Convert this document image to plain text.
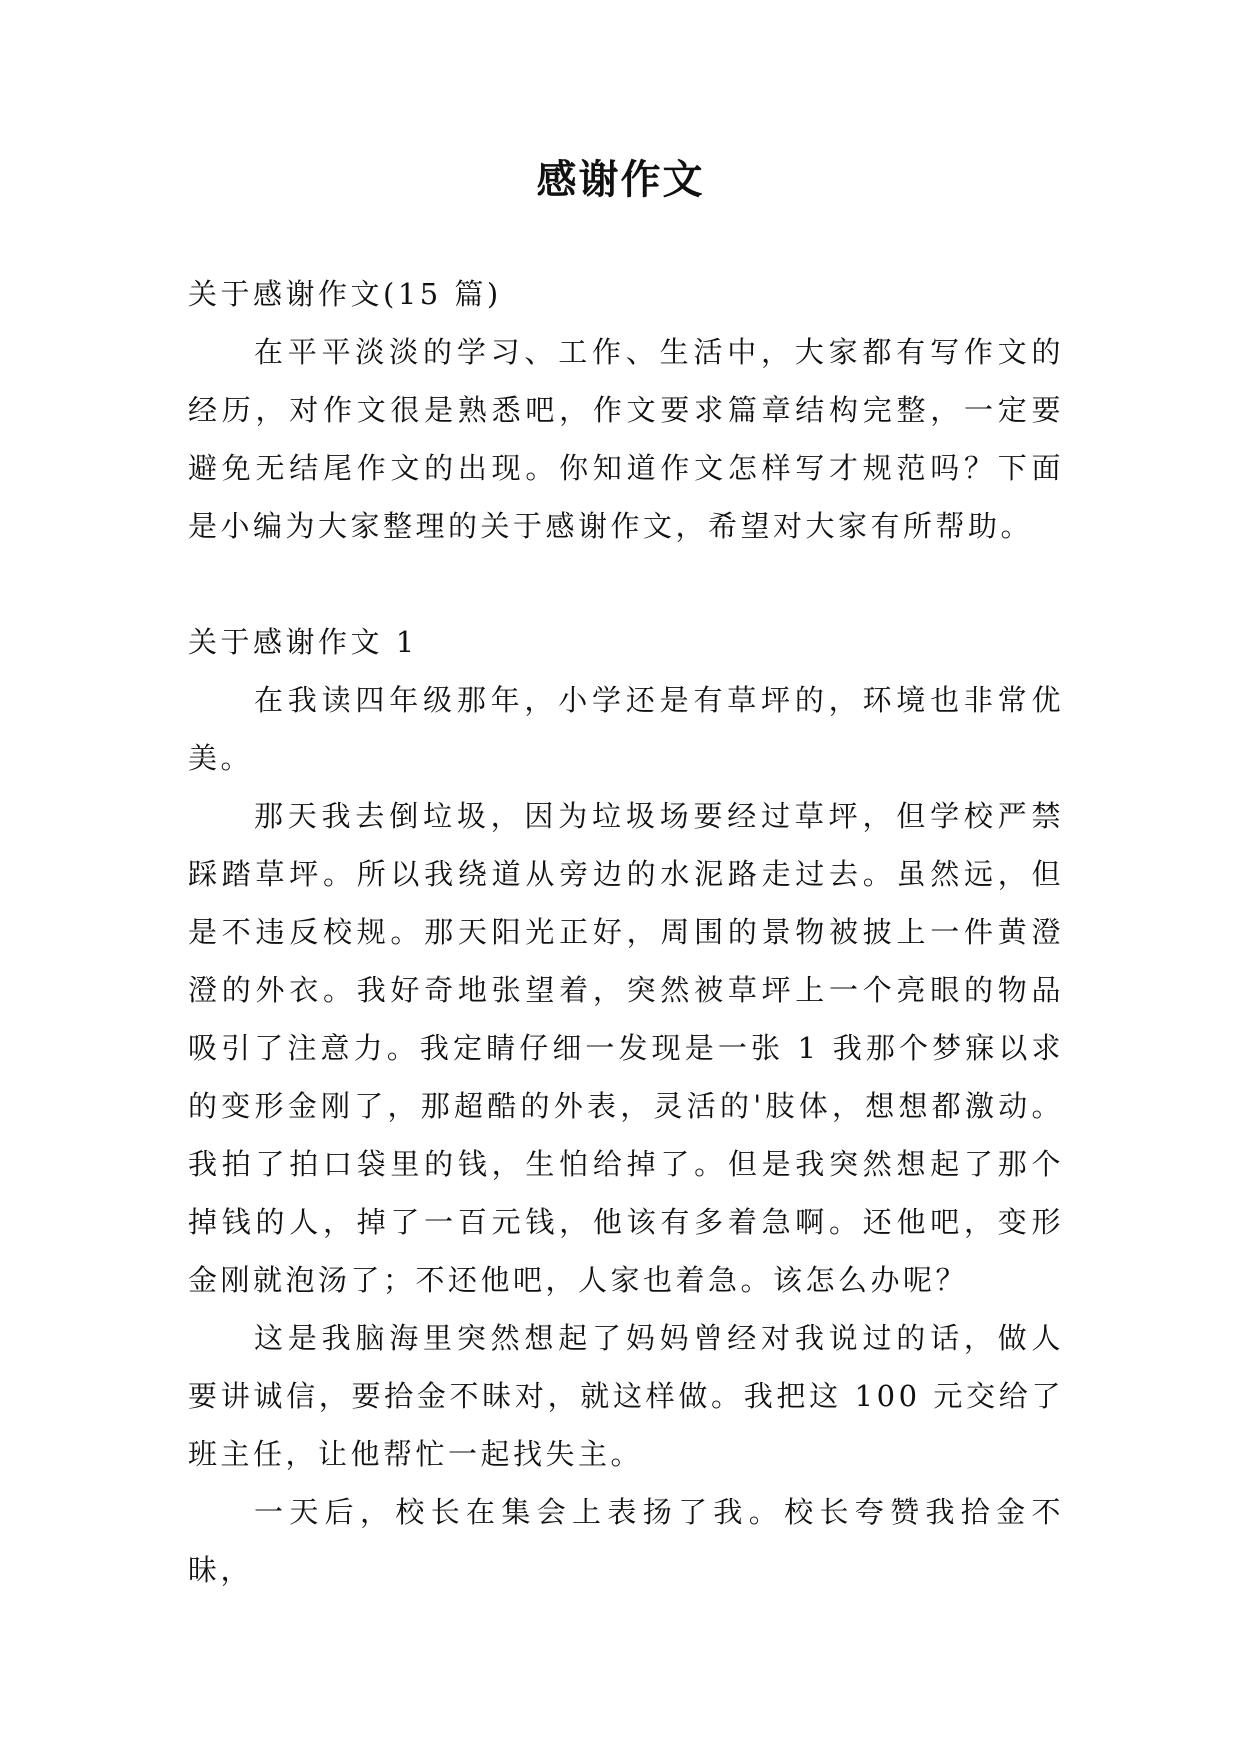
感谢作文

关于感谢作文(15 篇)

在平平淡淡的学习、工作、生活中，大家都有写作文的经历，对作文很是熟悉吧，作文要求篇章结构完整，一定要避免无结尾作文的出现。你知道作文怎样写才规范吗？下面是小编为大家整理的关于感谢作文，希望对大家有所帮助。

关于感谢作文 1

在我读四年级那年，小学还是有草坪的，环境也非常优美。

那天我去倒垃圾，因为垃圾场要经过草坪，但学校严禁踩踏草坪。所以我绕道从旁边的水泥路走过去。虽然远，但是不违反校规。那天阳光正好，周围的景物被披上一件黄澄澄的外衣。我好奇地张望着，突然被草坪上一个亮眼的物品吸引了注意力。我定睛仔细一发现是一张 1 我那个梦寐以求的变形金刚了，那超酷的外表，灵活的'肢体，想想都激动。我拍了拍口袋里的钱，生怕给掉了。但是我突然想起了那个掉钱的人，掉了一百元钱，他该有多着急啊。还他吧，变形金刚就泡汤了；不还他吧，人家也着急。该怎么办呢？

这是我脑海里突然想起了妈妈曾经对我说过的话，做人要讲诚信，要拾金不昧对，就这样做。我把这 100 元交给了班主任，让他帮忙一起找失主。

一天后，校长在集会上表扬了我。校长夸赞我拾金不昧，
